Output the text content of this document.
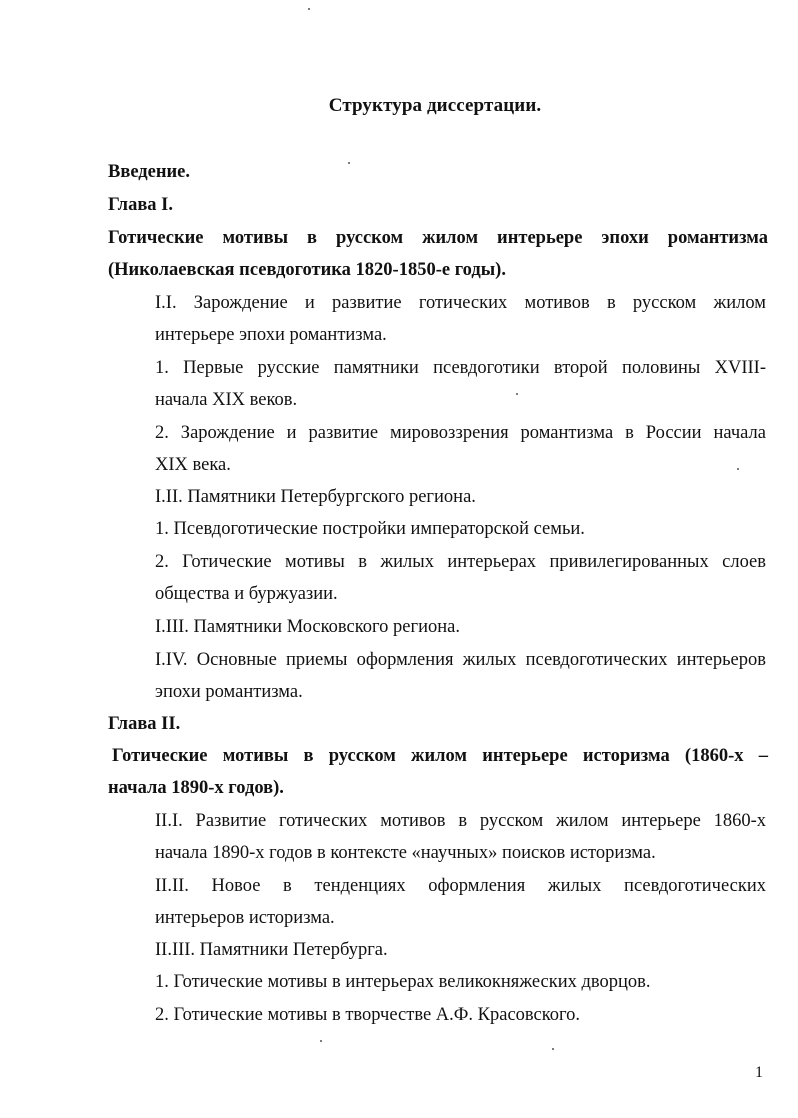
Структура диссертации.
Введение.
Глава I.
Готические мотивы в русском жилом интерьере эпохи романтизма
(Николаевская псевдоготика 1820-1850-е годы).
I.I. Зарождение и развитие готических мотивов в русском жилом
интерьере эпохи романтизма.
1. Первые русские памятники псевдоготики второй половины XVIII-
начала XIX веков.
2. Зарождение и развитие мировоззрения романтизма в России начала
XIX века.
I.II. Памятники Петербургского региона.
1. Псевдоготические постройки императорской семьи.
2. Готические мотивы в жилых интерьерах привилегированных слоев
общества и буржуазии.
I.III. Памятники Московского региона.
I.IV. Основные приемы оформления жилых псевдоготических интерьеров
эпохи романтизма.
Глава II.
Готические мотивы в русском жилом интерьере историзма (1860-х –
начала 1890-х годов).
II.I. Развитие готических мотивов в русском жилом интерьере 1860-х
начала 1890-х годов в контексте «научных» поисков историзма.
II.II. Новое в тенденциях оформления жилых псевдоготических
интерьеров историзма.
II.III. Памятники Петербурга.
1. Готические мотивы в интерьерах великокняжеских дворцов.
2. Готические мотивы в творчестве А.Ф. Красовского.
1
